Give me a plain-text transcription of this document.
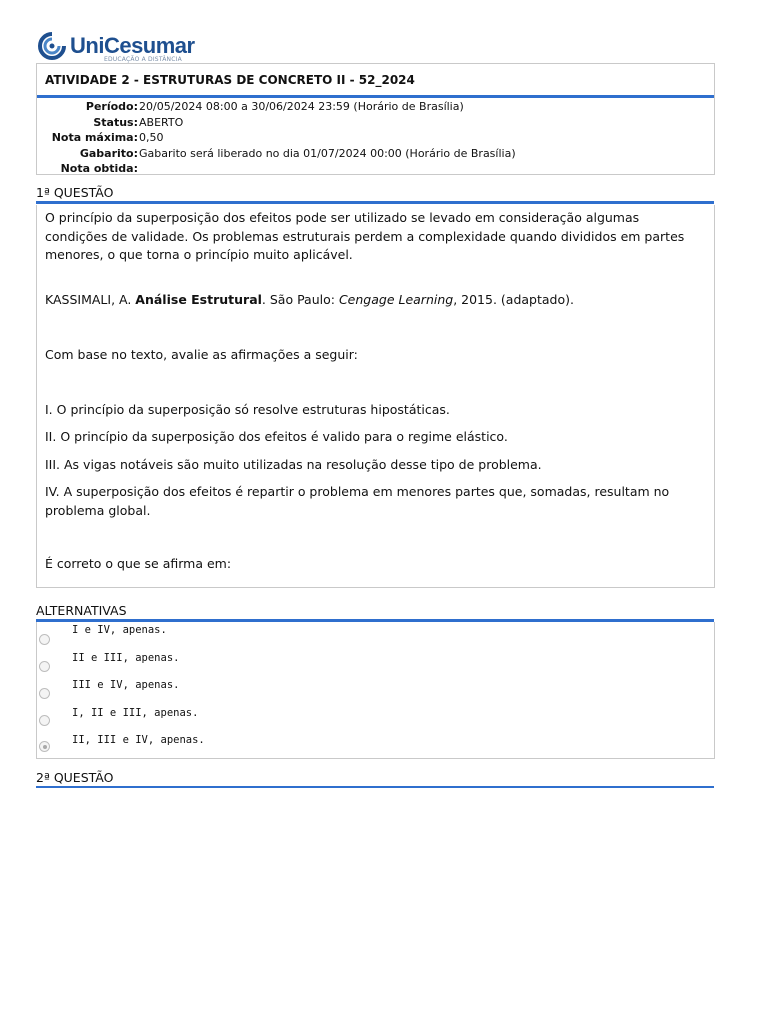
UniCesumar
EDUCAÇÃO A DISTÂNCIA
ATIVIDADE 2 - ESTRUTURAS DE CONCRETO II - 52_2024
Período: 20/05/2024 08:00 a 30/06/2024 23:59 (Horário de Brasília)
Status: ABERTO
Nota máxima: 0,50
Gabarito: Gabarito será liberado no dia 01/07/2024 00:00 (Horário de Brasília)
Nota obtida:
1ª QUESTÃO
O princípio da superposição dos efeitos pode ser utilizado se levado em consideração algumas condições de validade. Os problemas estruturais perdem a complexidade quando divididos em partes menores, o que torna o princípio muito aplicável.
KASSIMALI, A. Análise Estrutural. São Paulo: Cengage Learning, 2015. (adaptado).
Com base no texto, avalie as afirmações a seguir:
I. O princípio da superposição só resolve estruturas hipostáticas.
II. O princípio da superposição dos efeitos é valido para o regime elástico.
III. As vigas notáveis são muito utilizadas na resolução desse tipo de problema.
IV. A superposição dos efeitos é repartir o problema em menores partes que, somadas, resultam no problema global.
É correto o que se afirma em:
ALTERNATIVAS
I e IV, apenas.
II e III, apenas.
III e IV, apenas.
I, II e III, apenas.
II, III e IV, apenas.
2ª QUESTÃO
